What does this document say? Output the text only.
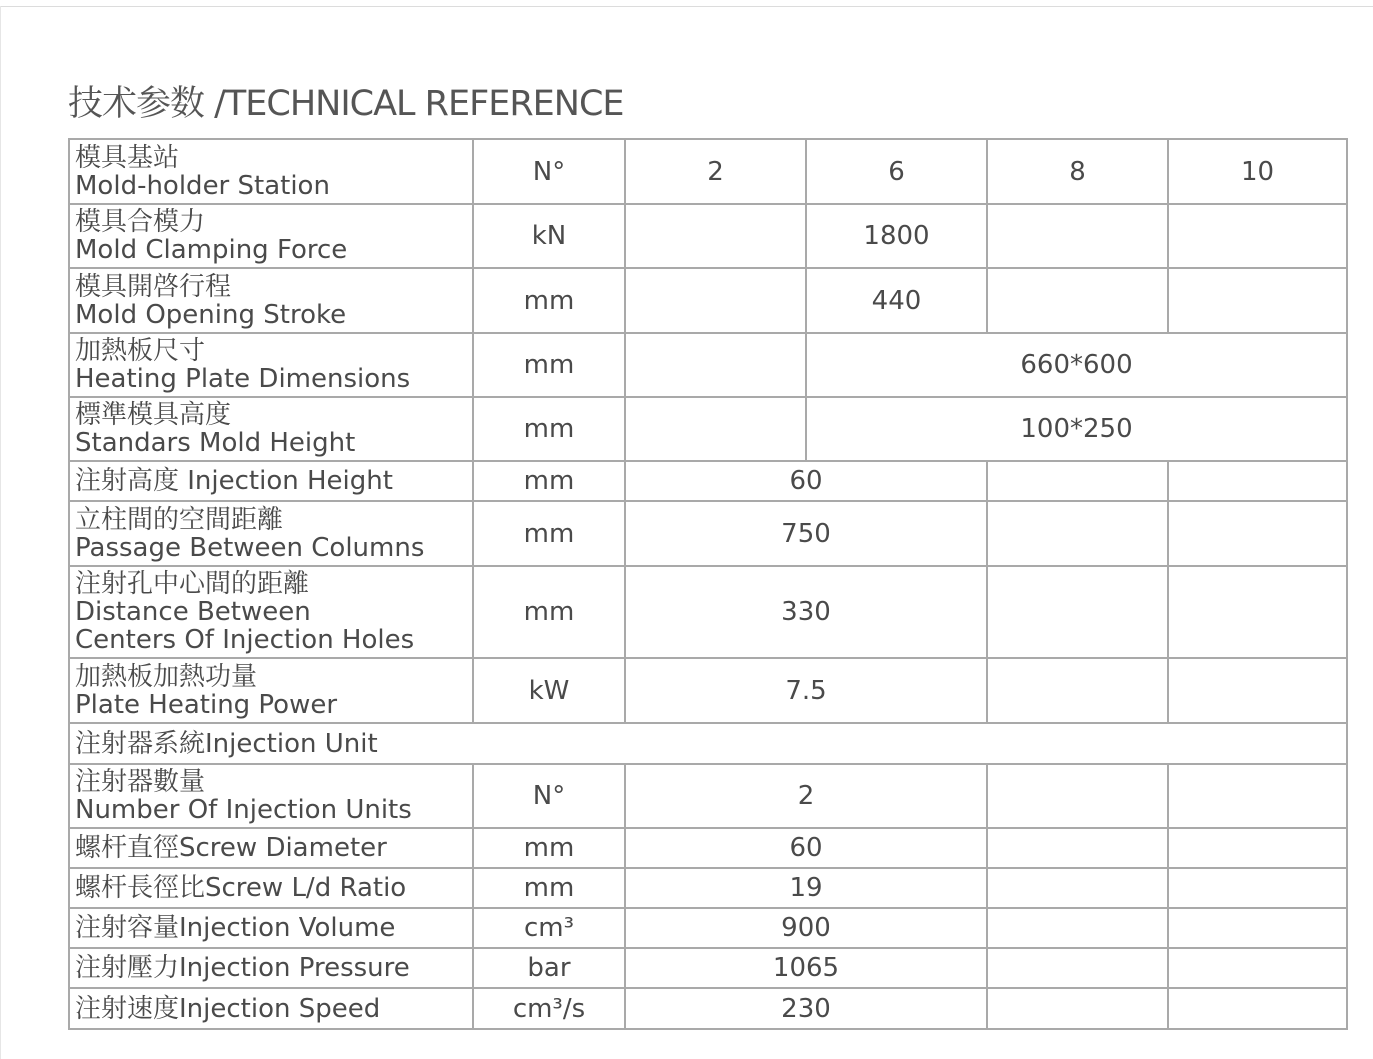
技术参数 /TECHNICAL REFERENCE
模具基站
Mold-holder Station	N°	2	6	8	10

模具合模力
Mold Clamping Force	kN		1800		

模具開啓行程
Mold Opening Stroke	mm		440		

加熱板尺寸
Heating Plate Dimensions	mm		660*600		

標準模具高度
Standars Mold Height	mm		100*250		
注射高度 Injection Height	mm	60			

立柱間的空間距離
Passage Between Columns	mm	750			

注射孔中心間的距離
Distance Between
Centers Of Injection Holes	mm	330			

加熱板加熱功量
Plate Heating Power	kW	7.5			
注射器系統Injection Unit					

注射器數量
Number Of Injection Units	N°	2			
螺杆直徑Screw Diameter	mm	60			
螺杆長徑比Screw L/d Ratio	mm	19			
注射容量Injection Volume	cm³	900			
注射壓力Injection Pressure	bar	1065			
注射速度Injection Speed	cm³/s	230			
